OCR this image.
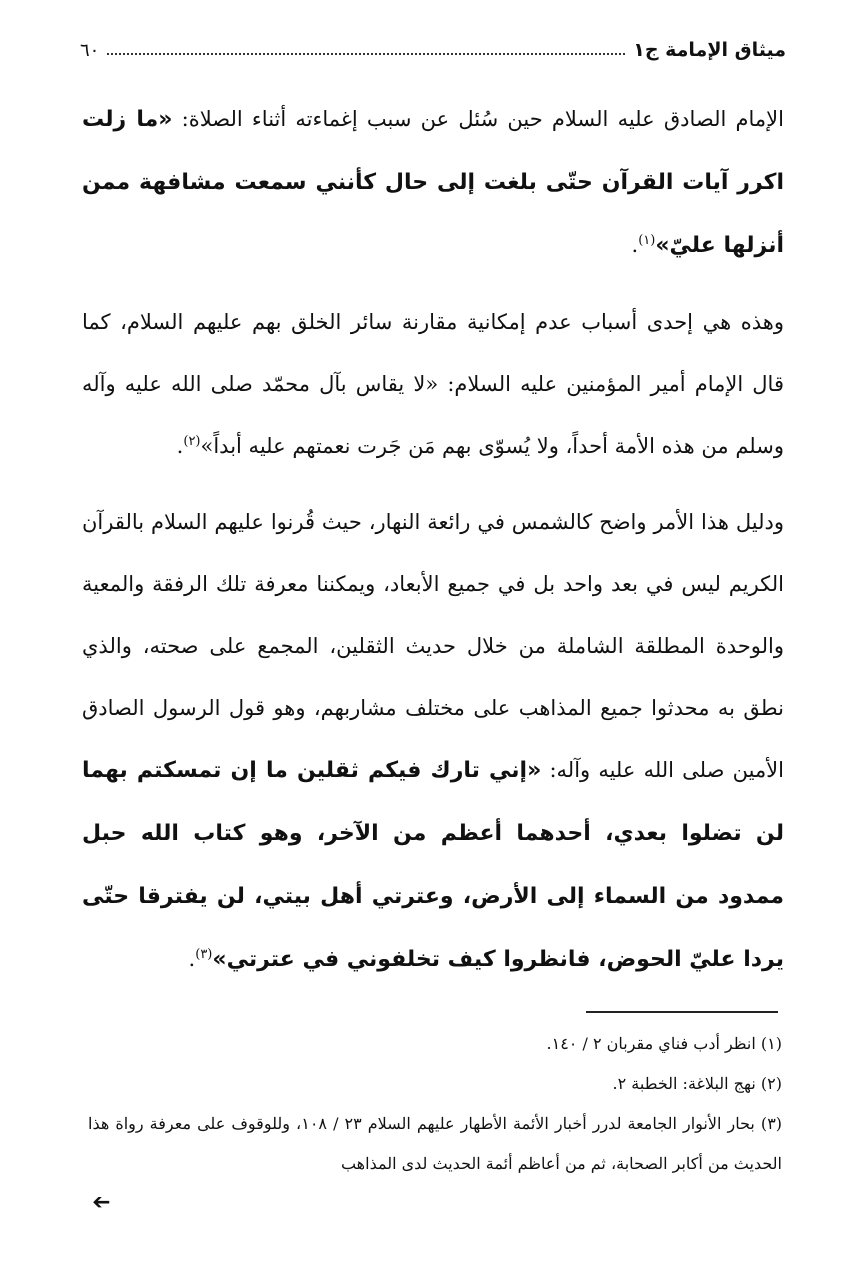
ميثاق الإمامة ج١
٦٠

الإمام الصادق عليه السلام حين سُئل عن سبب إغماءته أثناء الصلاة: «ما زلت اكرر آيات القرآن حتّى بلغت إلى حال كأنني سمعت مشافهة ممن أنزلها عليّ»$^{(١)}$.

وهذه هي إحدى أسباب عدم إمكانية مقارنة سائر الخلق بهم عليهم السلام، كما قال الإمام أمير المؤمنين عليه السلام: «لا يقاس بآل محمّد صلى الله عليه وآله وسلم من هذه الأمة أحداً، ولا يُسوّى بهم مَن جَرت نعمتهم عليه أبداً»$^{(٢)}$.

ودليل هذا الأمر واضح كالشمس في رائعة النهار، حيث قُرنوا عليهم السلام بالقرآن الكريم ليس في بعد واحد بل في جميع الأبعاد، ويمكننا معرفة تلك الرفقة والمعية والوحدة المطلقة الشاملة من خلال حديث الثقلين، المجمع على صحته، والذي نطق به محدثوا جميع المذاهب على مختلف مشاربهم، وهو قول الرسول الصادق الأمين صلى الله عليه وآله: «إني تارك فيكم ثقلين ما إن تمسكتم بهما لن تضلوا بعدي، أحدهما أعظم من الآخر، وهو كتاب الله حبل ممدود من السماء إلى الأرض، وعترتي أهل بيتي، لن يفترقا حتّى يردا عليّ الحوض، فانظروا كيف تخلفوني في عترتي»$^{(٣)}$.

(١) انظر أدب فناي مقربان ٢ / ١٤٠.

(٢) نهج البلاغة: الخطبة ٢.

(٣) بحار الأنوار الجامعة لدرر أخبار الأئمة الأطهار عليهم السلام ٢٣ / ١٠٨، وللوقوف على معرفة رواة هذا الحديث من أكابر الصحابة، ثم من أعاظم أئمة الحديث لدى المذاهب

➔
